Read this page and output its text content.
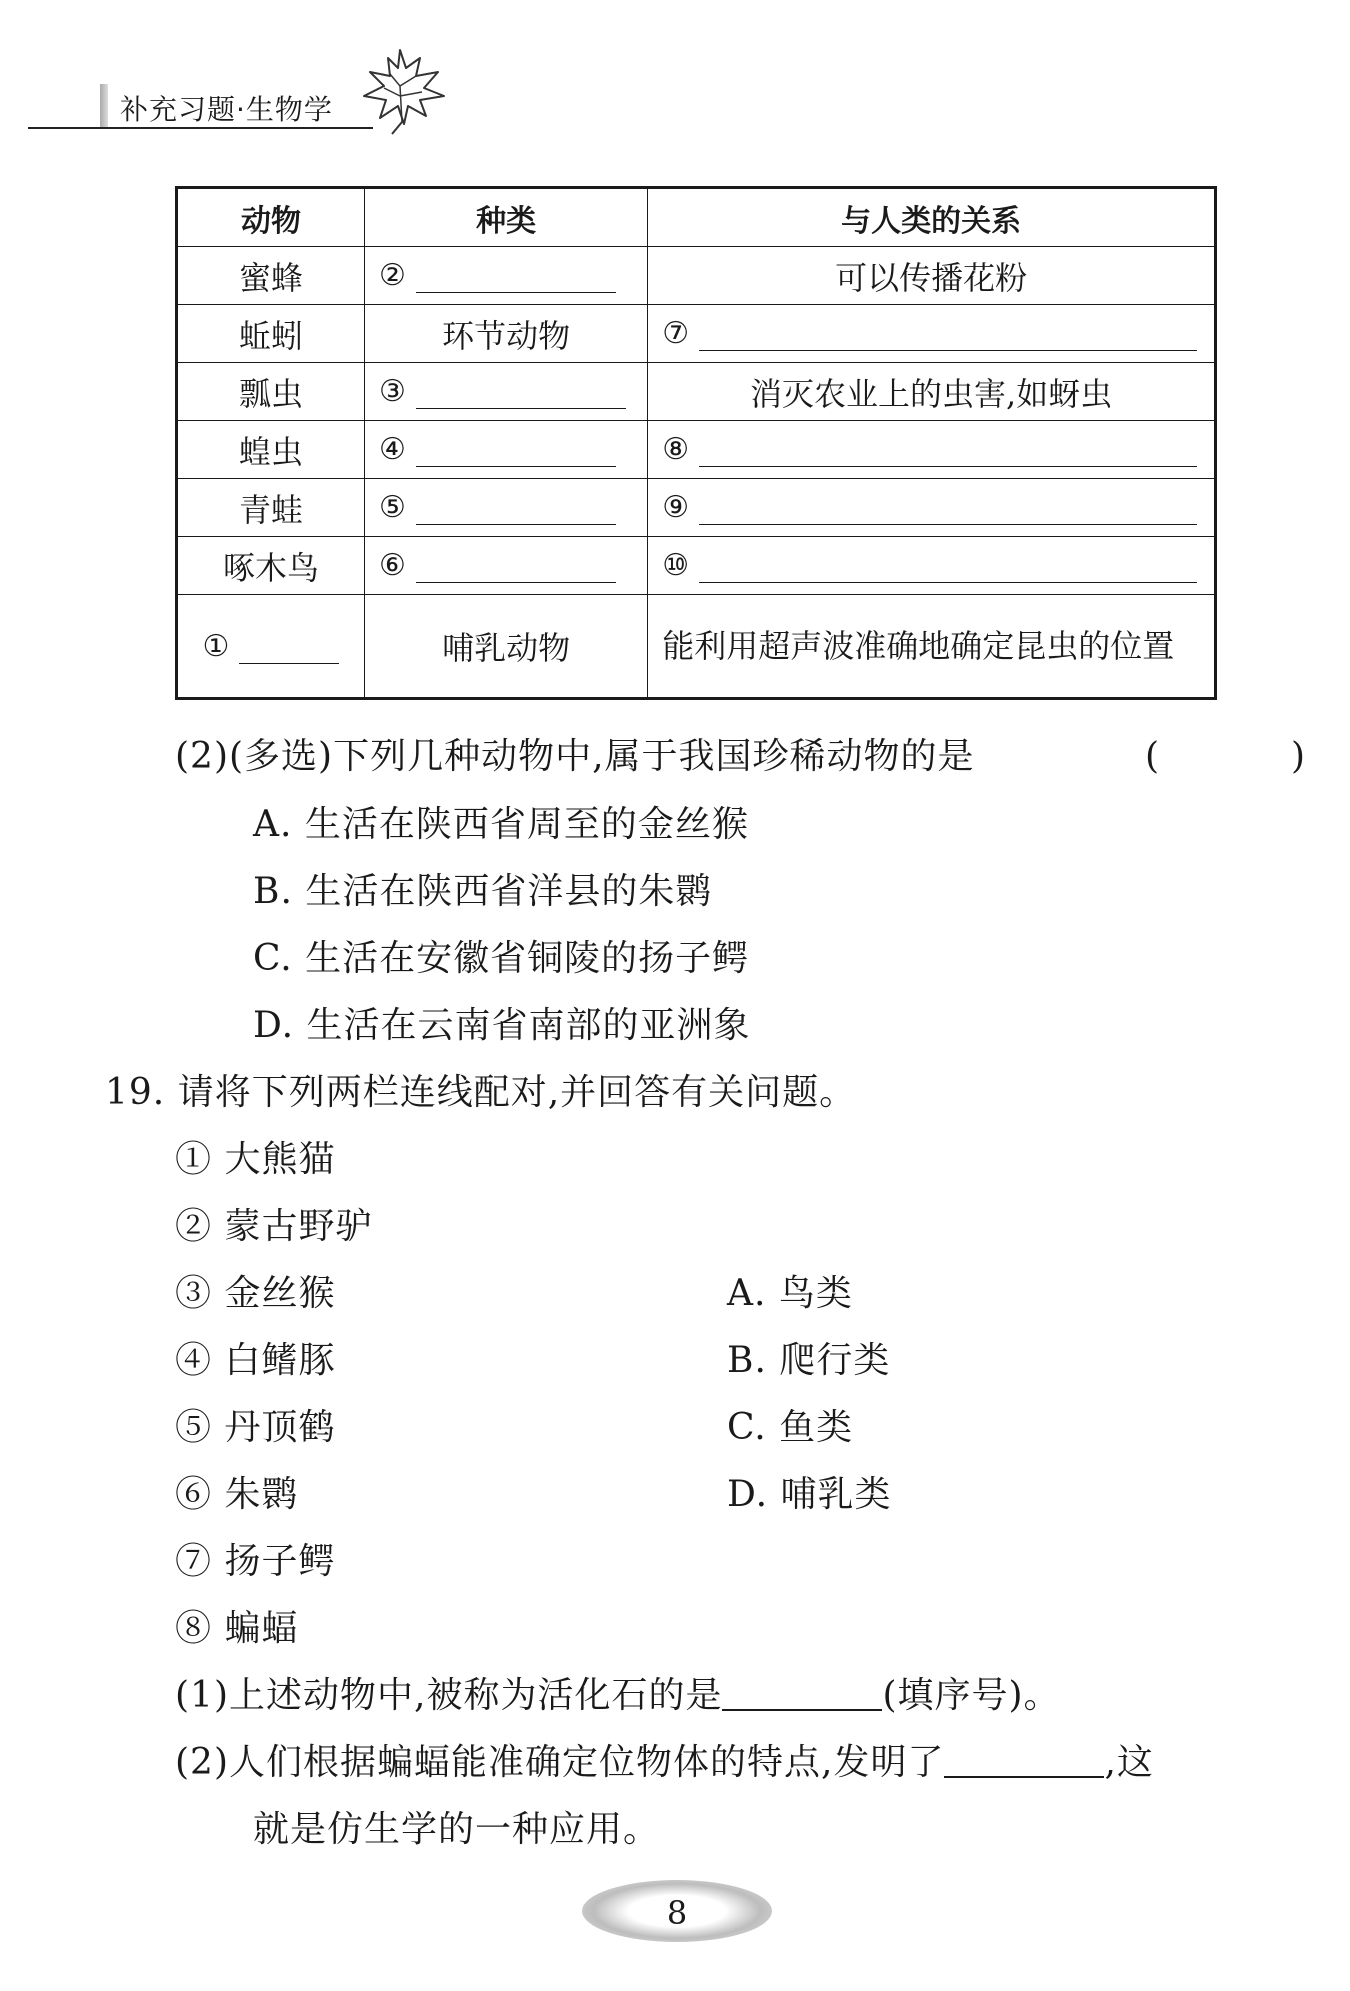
补充习题·生物学
动物	种类	与人类的关系
蜜蜂	②	可以传播花粉
蚯蚓	环节动物	⑦

瓢虫	③	消灭农业上的虫害,如蚜虫
蝗虫	④	⑧

青蛙	⑤	⑨

啄木鸟	⑥	⑩

①	哺乳动物	能利用超声波准确地确定昆虫的位置
(2)(多选)下列几种动物中,属于我国珍稀动物的是	(　　)
A. 生活在陕西省周至的金丝猴
B. 生活在陕西省洋县的朱鹮
C. 生活在安徽省铜陵的扬子鳄
D. 生活在云南省南部的亚洲象
19. 请将下列两栏连线配对,并回答有关问题。
① 大熊猫
② 蒙古野驴
③ 金丝猴
④ 白鳍豚
⑤ 丹顶鹤
⑥ 朱鹮
⑦ 扬子鳄
⑧ 蝙蝠
A. 鸟类
B. 爬行类
C. 鱼类
D. 哺乳类
(1)上述动物中,被称为活化石的是	(填序号)。
(2)人们根据蝙蝠能准确定位物体的特点,发明了	,这
就是仿生学的一种应用。
8
